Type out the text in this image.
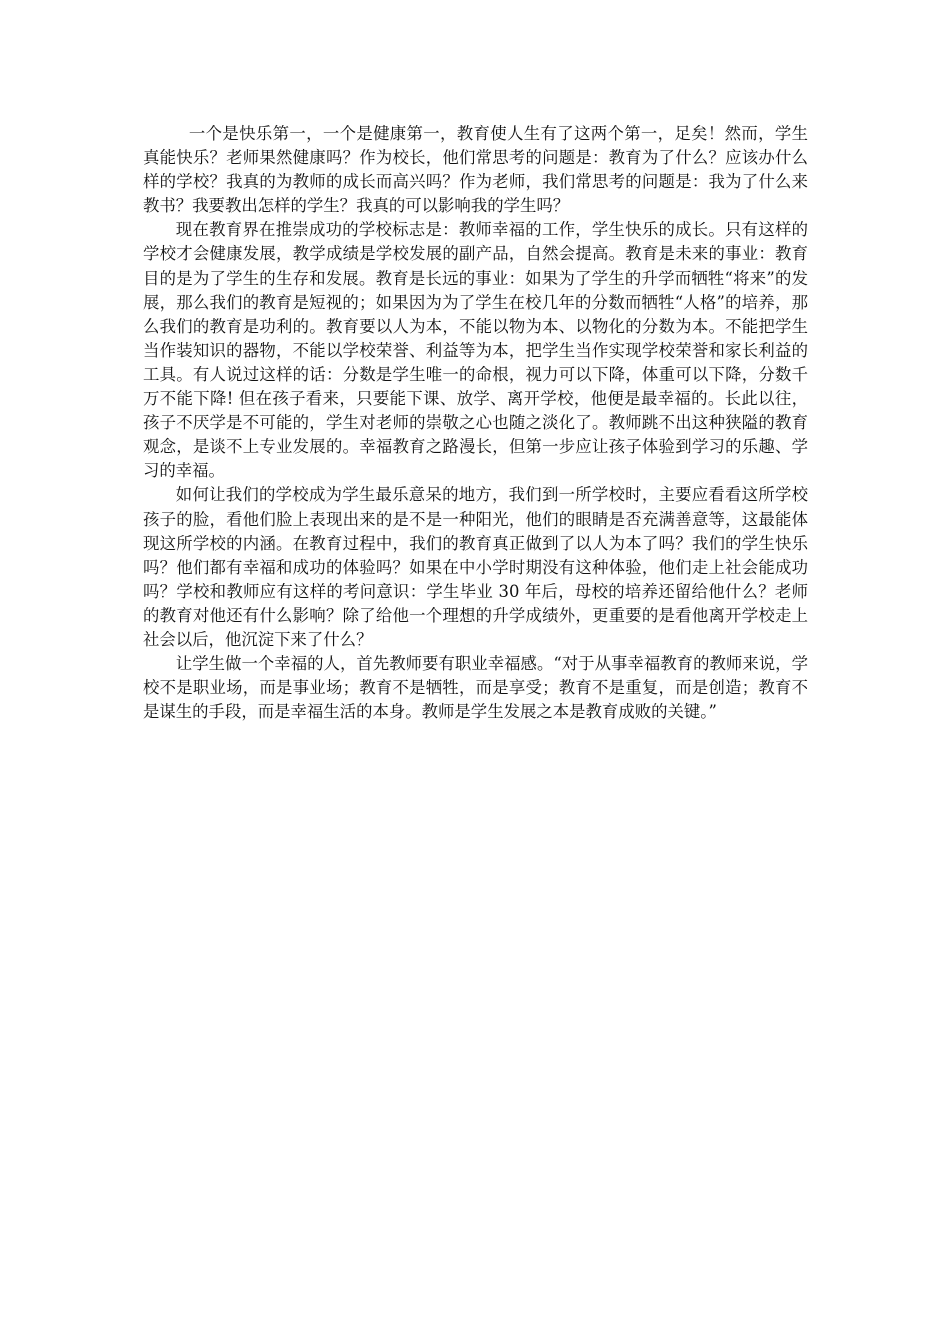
一个是快乐第一，一个是健康第一，教育使人生有了这两个第一，足矣！然而，学生真能快乐？老师果然健康吗？作为校长，他们常思考的问题是：教育为了什么？应该办什么样的学校？我真的为教师的成长而高兴吗？作为老师，我们常思考的问题是：我为了什么来教书？我要教出怎样的学生？我真的可以影响我的学生吗？

现在教育界在推崇成功的学校标志是：教师幸福的工作，学生快乐的成长。只有这样的学校才会健康发展，教学成绩是学校发展的副产品，自然会提高。教育是未来的事业：教育目的是为了学生的生存和发展。教育是长远的事业：如果为了学生的升学而牺牲“将来”的发展，那么我们的教育是短视的；如果因为为了学生在校几年的分数而牺牲“人格”的培养，那么我们的教育是功利的。教育要以人为本，不能以物为本、以物化的分数为本。不能把学生当作装知识的器物，不能以学校荣誉、利益等为本，把学生当作实现学校荣誉和家长利益的工具。有人说过这样的话：分数是学生唯一的命根，视力可以下降，体重可以下降，分数千万不能下降! 但在孩子看来，只要能下课、放学、离开学校，他便是最幸福的。长此以往，孩子不厌学是不可能的，学生对老师的崇敬之心也随之淡化了。教师跳不出这种狭隘的教育观念，是谈不上专业发展的。幸福教育之路漫长，但第一步应让孩子体验到学习的乐趣、学习的幸福。

如何让我们的学校成为学生最乐意呆的地方，我们到一所学校时，主要应看看这所学校孩子的脸，看他们脸上表现出来的是不是一种阳光，他们的眼睛是否充满善意等，这最能体现这所学校的内涵。在教育过程中，我们的教育真正做到了以人为本了吗？我们的学生快乐吗？他们都有幸福和成功的体验吗？如果在中小学时期没有这种体验，他们走上社会能成功吗？学校和教师应有这样的考问意识：学生毕业 30 年后，母校的培养还留给他什么？老师的教育对他还有什么影响？除了给他一个理想的升学成绩外，更重要的是看他离开学校走上社会以后，他沉淀下来了什么？

让学生做一个幸福的人，首先教师要有职业幸福感。“对于从事幸福教育的教师来说，学校不是职业场，而是事业场；教育不是牺牲，而是享受；教育不是重复，而是创造；教育不是谋生的手段，而是幸福生活的本身。教师是学生发展之本是教育成败的关键。”
